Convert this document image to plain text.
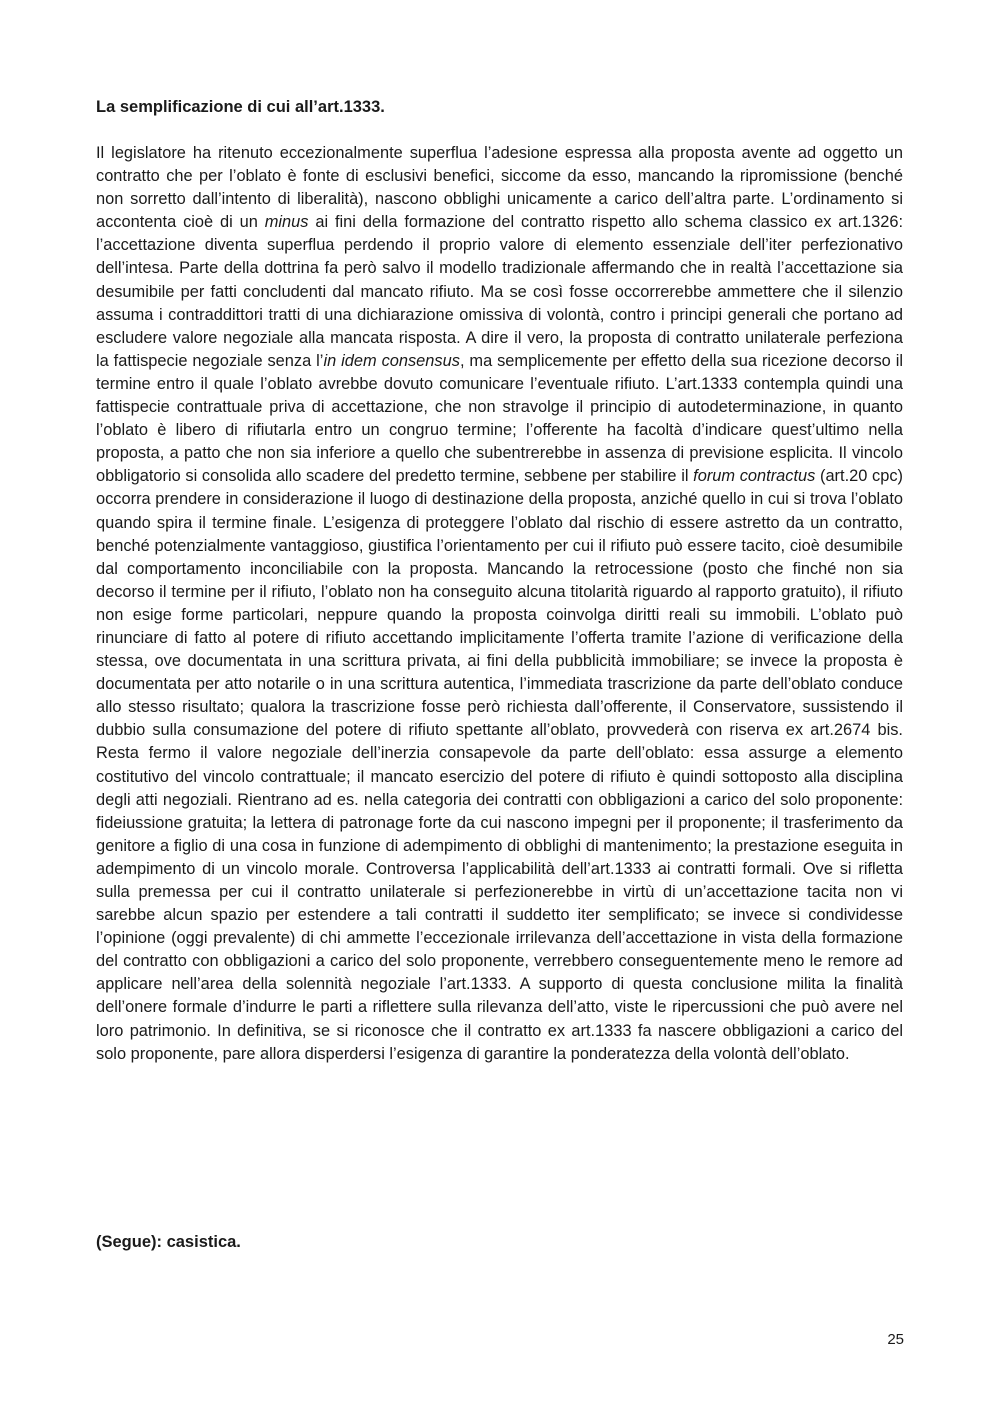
La semplificazione di cui all’art.1333.

Il legislatore ha ritenuto eccezionalmente superflua l’adesione espressa alla proposta avente ad oggetto un contratto che per l’oblato è fonte di esclusivi benefici, siccome da esso, mancando la ripromissione (benché non sorretto dall’intento di liberalità), nascono obblighi unicamente a carico dell’altra parte. L’ordinamento si accontenta cioè di un minus ai fini della formazione del contratto rispetto allo schema classico ex art.1326: l’accettazione diventa superflua perdendo il proprio valore di elemento essenziale dell’iter perfezionativo dell’intesa. Parte della dottrina fa però salvo il modello tradizionale affermando che in realtà l’accettazione sia desumibile per fatti concludenti dal mancato rifiuto. Ma se così fosse occorrerebbe ammettere che il silenzio assuma i contraddittori tratti di una dichiarazione omissiva di volontà, contro i principi generali che portano ad escludere valore negoziale alla mancata risposta. A dire il vero, la proposta di contratto unilaterale perfeziona la fattispecie negoziale senza l’in idem consensus, ma semplicemente per effetto della sua ricezione decorso il termine entro il quale l’oblato avrebbe dovuto comunicare l’eventuale rifiuto. L’art.1333 contempla quindi una fattispecie contrattuale priva di accettazione, che non stravolge il principio di autodeterminazione, in quanto l’oblato è libero di rifiutarla entro un congruo termine; l’offerente ha facoltà d’indicare quest’ultimo nella proposta, a patto che non sia inferiore a quello che subentrerebbe in assenza di previsione esplicita. Il vincolo obbligatorio si consolida allo scadere del predetto termine, sebbene per stabilire il forum contractus (art.20 cpc) occorra prendere in considerazione il luogo di destinazione della proposta, anziché quello in cui si trova l’oblato quando spira il termine finale. L’esigenza di proteggere l’oblato dal rischio di essere astretto da un contratto, benché potenzialmente vantaggioso, giustifica l’orientamento per cui il rifiuto può essere tacito, cioè desumibile dal comportamento inconciliabile con la proposta. Mancando la retrocessione (posto che finché non sia decorso il termine per il rifiuto, l’oblato non ha conseguito alcuna titolarità riguardo al rapporto gratuito), il rifiuto non esige forme particolari, neppure quando la proposta coinvolga diritti reali su immobili. L’oblato può rinunciare di fatto al potere di rifiuto accettando implicitamente l’offerta tramite l’azione di verificazione della stessa, ove documentata in una scrittura privata, ai fini della pubblicità immobiliare; se invece la proposta è documentata per atto notarile o in una scrittura autentica, l’immediata trascrizione da parte dell’oblato conduce allo stesso risultato; qualora la trascrizione fosse però richiesta dall’offerente, il Conservatore, sussistendo il dubbio sulla consumazione del potere di rifiuto spettante all’oblato, provvederà con riserva ex art.2674 bis. Resta fermo il valore negoziale dell’inerzia consapevole da parte dell’oblato: essa assurge a elemento costitutivo del vincolo contrattuale; il mancato esercizio del potere di rifiuto è quindi sottoposto alla disciplina degli atti negoziali. Rientrano ad es. nella categoria dei contratti con obbligazioni a carico del solo proponente: fideiussione gratuita; la lettera di patronage forte da cui nascono impegni per il proponente; il trasferimento da genitore a figlio di una cosa in funzione di adempimento di obblighi di mantenimento; la prestazione eseguita in adempimento di un vincolo morale. Controversa l’applicabilità dell’art.1333 ai contratti formali. Ove si rifletta sulla premessa per cui il contratto unilaterale si perfezionerebbe in virtù di un’accettazione tacita non vi sarebbe alcun spazio per estendere a tali contratti il suddetto iter semplificato; se invece si condividesse l’opinione (oggi prevalente) di chi ammette l’eccezionale irrilevanza dell’accettazione in vista della formazione del contratto con obbligazioni a carico del solo proponente, verrebbero conseguentemente meno le remore ad applicare nell’area della solennità negoziale l’art.1333. A supporto di questa conclusione milita la finalità dell’onere formale d’indurre le parti a riflettere sulla rilevanza dell’atto, viste le ripercussioni che può avere nel loro patrimonio. In definitiva, se si riconosce che il contratto ex art.1333 fa nascere obbligazioni a carico del solo proponente, pare allora disperdersi l’esigenza di garantire la ponderatezza della volontà dell’oblato.

(Segue): casistica.
25
